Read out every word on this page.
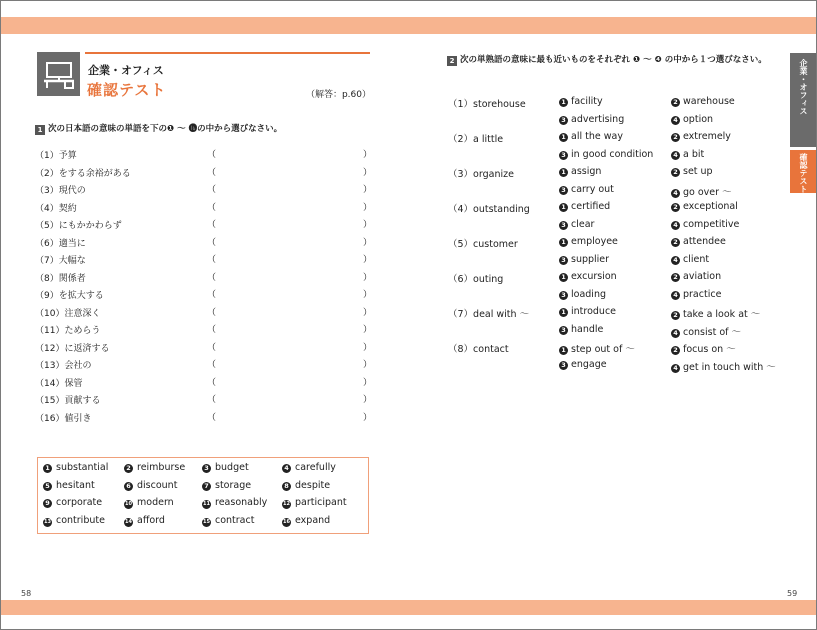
企業・オフィス
確認テスト	（解答：p.60）
1 次の日本語の意味の単語を下の❶ ～ ⓰の中から選びなさい。
（1）予算	（	）
（2）をする余裕がある	（	）
（3）現代の	（	）
（4）契約	（	）
（5）にもかかわらず	（	）
（6）適当に	（	）
（7）大幅な	（	）
（8）関係者	（	）
（9）を拡大する	（	）
（10）注意深く	（	）
（11）ためらう	（	）
（12）に返済する	（	）
（13）会社の	（	）
（14）保管	（	）
（15）貢献する	（	）
（16）値引き	（	）
1 substantial	2 reimburse	3 budget	4 carefully
5 hesitant	6 discount	7 storage	8 despite
9 corporate	10 modern	11 reasonably	12 participant
13 contribute	14 afford	15 contract	16 expand
58
2 次の単熟語の意味に最も近いものをそれぞれ ❶ ～ ❹ の中から１つ選びなさい。
（1）storehouse	1 facility	2 warehouse
3 advertising	4 option
（2）a little	1 all the way	2 extremely
3 in good condition	4 a bit
（3）organize	1 assign	2 set up
3 carry out	4 go over ～
（4）outstanding	1 certified	2 exceptional
3 clear	4 competitive
（5）customer	1 employee	2 attendee
3 supplier	4 client
（6）outing	1 excursion	2 aviation
3 loading	4 practice
（7）deal with ～	1 introduce	2 take a look at ～
3 handle	4 consist of ～
（8）contact	1 step out of ～	2 focus on ～
3 engage	4 get in touch with ～
59
企業・オフィス
確認テスト
